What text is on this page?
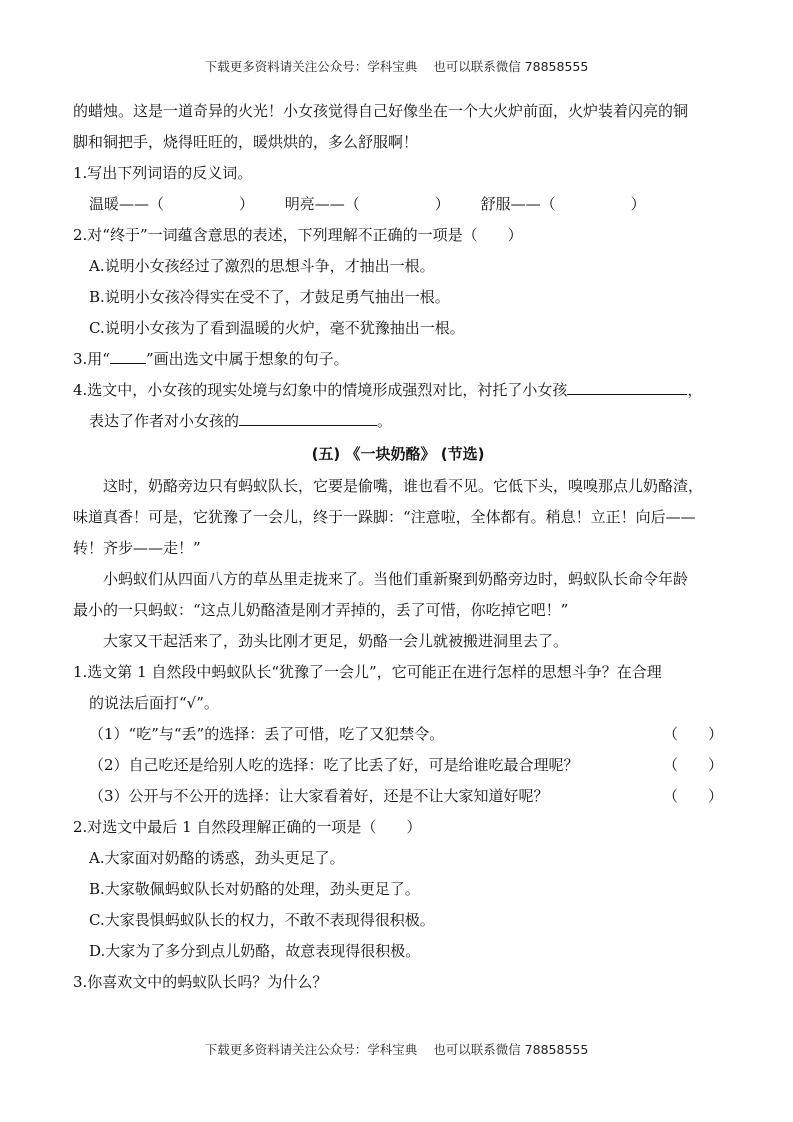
下载更多资料请关注公众号：学科宝典 也可以联系微信 78858555
的蜡烛。这是一道奇异的火光！小女孩觉得自己好像坐在一个大火炉前面，火炉装着闪亮的铜
脚和铜把手，烧得旺旺的，暖烘烘的，多么舒服啊！
1.写出下列词语的反义词。
温暖——（　　　　　） 明亮——（　　　　　） 舒服——（　　　　　）
2.对“终于”一词蕴含意思的表述，下列理解不正确的一项是（　　）
A.说明小女孩经过了激烈的思想斗争，才抽出一根。
B.说明小女孩冷得实在受不了，才鼓足勇气抽出一根。
C.说明小女孩为了看到温暖的火炉，毫不犹豫抽出一根。
3.用“ ”画出选文中属于想象的句子。
4.选文中，小女孩的现实处境与幻象中的情境形成强烈对比，衬托了小女孩	，
表达了作者对小女孩的	。
(五) 《一块奶酪》 (节选)
这时，奶酪旁边只有蚂蚁队长，它要是偷嘴，谁也看不见。它低下头，嗅嗅那点儿奶酪渣，
味道真香！可是，它犹豫了一会儿，终于一跺脚：“注意啦，全体都有。稍息！立正！向后——
转！齐步——走！”
小蚂蚁们从四面八方的草丛里走拢来了。当他们重新聚到奶酪旁边时，蚂蚁队长命令年龄
最小的一只蚂蚁：“这点儿奶酪渣是刚才弄掉的，丢了可惜，你吃掉它吧！”
大家又干起活来了，劲头比刚才更足，奶酪一会儿就被搬进洞里去了。
1.选文第 1 自然段中蚂蚁队长“犹豫了一会儿”，它可能正在进行怎样的思想斗争？在合理
的说法后面打“√”。
（1）“吃”与“丢”的选择：丢了可惜，吃了又犯禁令。	（　　）
（2）自己吃还是给别人吃的选择：吃了比丢了好，可是给谁吃最合理呢？	（　　）
（3）公开与不公开的选择：让大家看着好，还是不让大家知道好呢？	（　　）
2.对选文中最后 1 自然段理解正确的一项是（　　）
A.大家面对奶酪的诱惑，劲头更足了。
B.大家敬佩蚂蚁队长对奶酪的处理，劲头更足了。
C.大家畏惧蚂蚁队长的权力，不敢不表现得很积极。
D.大家为了多分到点儿奶酪，故意表现得很积极。
3.你喜欢文中的蚂蚁队长吗？为什么？
下载更多资料请关注公众号：学科宝典 也可以联系微信 78858555
